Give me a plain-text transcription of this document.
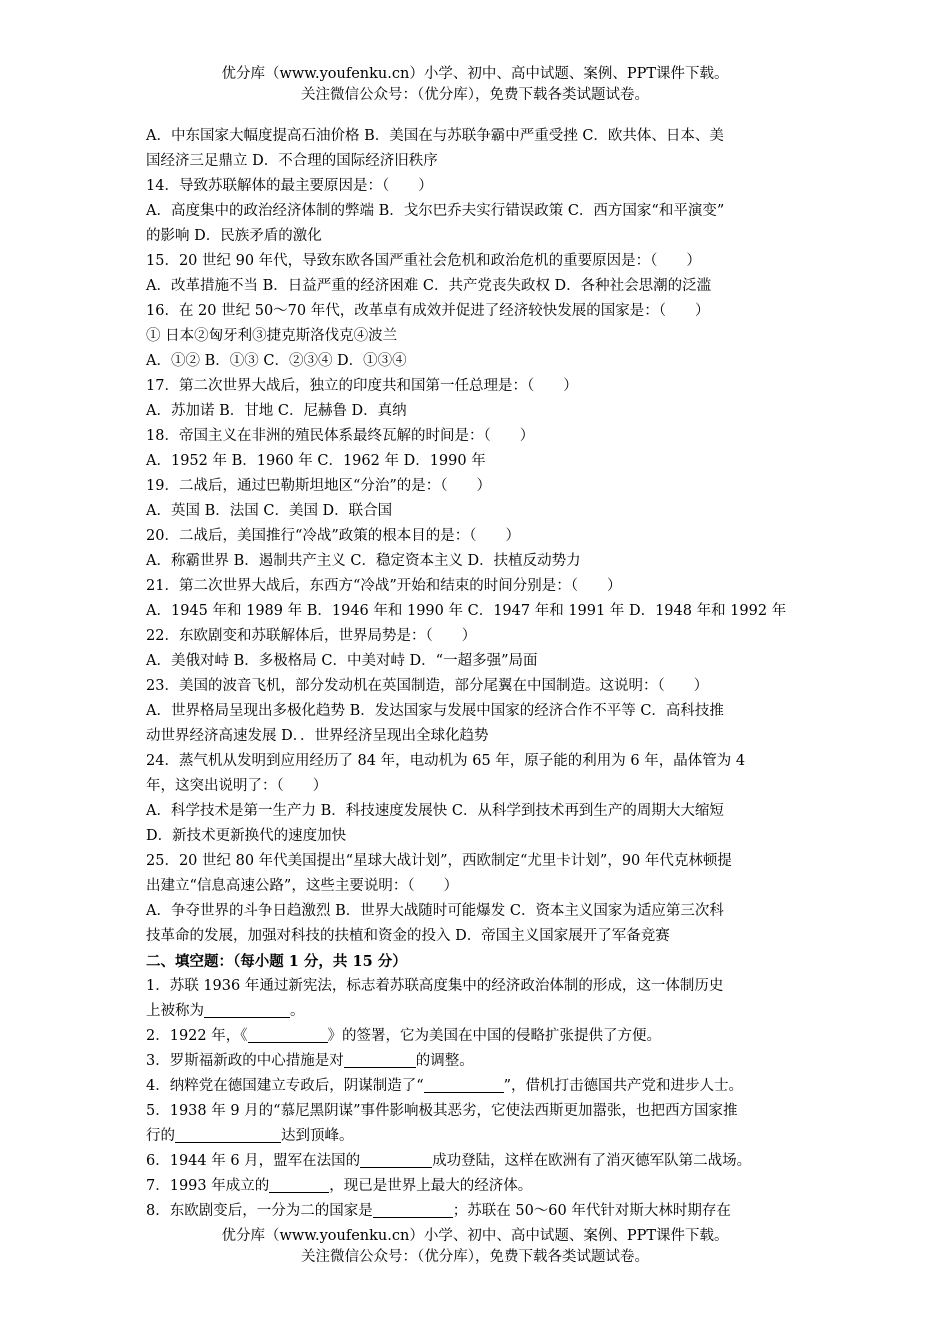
优分库（www.youfenku.cn）小学、初中、高中试题、案例、PPT课件下载。
关注微信公众号：（优分库），免费下载各类试题试卷。

A．中东国家大幅度提高石油价格 B．美国在与苏联争霸中严重受挫 C．欧共体、日本、美

国经济三足鼎立 D．不合理的国际经济旧秩序

14．导致苏联解体的最主要原因是：（　　）

A．高度集中的政治经济体制的弊端 B．戈尔巴乔夫实行错误政策 C．西方国家“和平演变”

的影响 D．民族矛盾的激化

15．20 世纪 90 年代，导致东欧各国严重社会危机和政治危机的重要原因是：（　　）

A．改革措施不当 B．日益严重的经济困难 C．共产党丧失政权 D．各种社会思潮的泛滥

16．在 20 世纪 50～70 年代，改革卓有成效并促进了经济较快发展的国家是：（　　）

① 日本②匈牙利③捷克斯洛伐克④波兰

A．①② B．①③ C．②③④ D．①③④

17．第二次世界大战后，独立的印度共和国第一任总理是：（　　）

A．苏加诺 B．甘地 C．尼赫鲁 D．真纳

18．帝国主义在非洲的殖民体系最终瓦解的时间是：（　　）

A．1952 年 B．1960 年 C．1962 年 D．1990 年

19．二战后，通过巴勒斯坦地区“分治”的是：（　　）

A．英国 B．法国 C．美国 D．联合国

20．二战后，美国推行“冷战”政策的根本目的是：（　　）

A．称霸世界 B．遏制共产主义 C．稳定资本主义 D．扶植反动势力

21．第二次世界大战后，东西方“冷战”开始和结束的时间分别是：（　　）

A．1945 年和 1989 年 B．1946 年和 1990 年 C．1947 年和 1991 年 D．1948 年和 1992 年

22．东欧剧变和苏联解体后，世界局势是：（　　）

A．美俄对峙 B．多极格局 C．中美对峙 D．“一超多强”局面

23．美国的波音飞机，部分发动机在英国制造，部分尾翼在中国制造。这说明：（　　）

A．世界格局呈现出多极化趋势 B．发达国家与发展中国家的经济合作不平等 C．高科技推

动世界经济高速发展 D．．世界经济呈现出全球化趋势

24．蒸气机从发明到应用经历了 84 年，电动机为 65 年，原子能的利用为 6 年，晶体管为 4

年，这突出说明了：（　　）

A．科学技术是第一生产力 B．科技速度发展快 C．从科学到技术再到生产的周期大大缩短

D．新技术更新换代的速度加快

25．20 世纪 80 年代美国提出“星球大战计划”，西欧制定“尤里卡计划”，90 年代克林顿提

出建立“信息高速公路”，这些主要说明：（　　）

A．争夺世界的斗争日趋激烈 B．世界大战随时可能爆发 C．资本主义国家为适应第三次科

技革命的发展，加强对科技的扶植和资金的投入 D．帝国主义国家展开了军备竞赛

二、填空题：（每小题 1 分，共 15 分）

1．苏联 1936 年通过新宪法，标志着苏联高度集中的经济政治体制的形成，这一体制历史

上被称为	。

2．1922 年，《	》的签署，它为美国在中国的侵略扩张提供了方便。

3．罗斯福新政的中心措施是对	的调整。

4．纳粹党在德国建立专政后，阴谋制造了“	”，借机打击德国共产党和进步人士。

5．1938 年 9 月的“慕尼黑阴谋”事件影响极其恶劣，它使法西斯更加嚣张，也把西方国家推

行的	达到顶峰。

6．1944 年 6 月，盟军在法国的	成功登陆，这样在欧洲有了消灭德军队第二战场。

7．1993 年成立的	，现已是世界上最大的经济体。

8．东欧剧变后，一分为二的国家是	；苏联在 50～60 年代针对斯大林时期存在

优分库（www.youfenku.cn）小学、初中、高中试题、案例、PPT课件下载。
关注微信公众号：（优分库），免费下载各类试题试卷。
